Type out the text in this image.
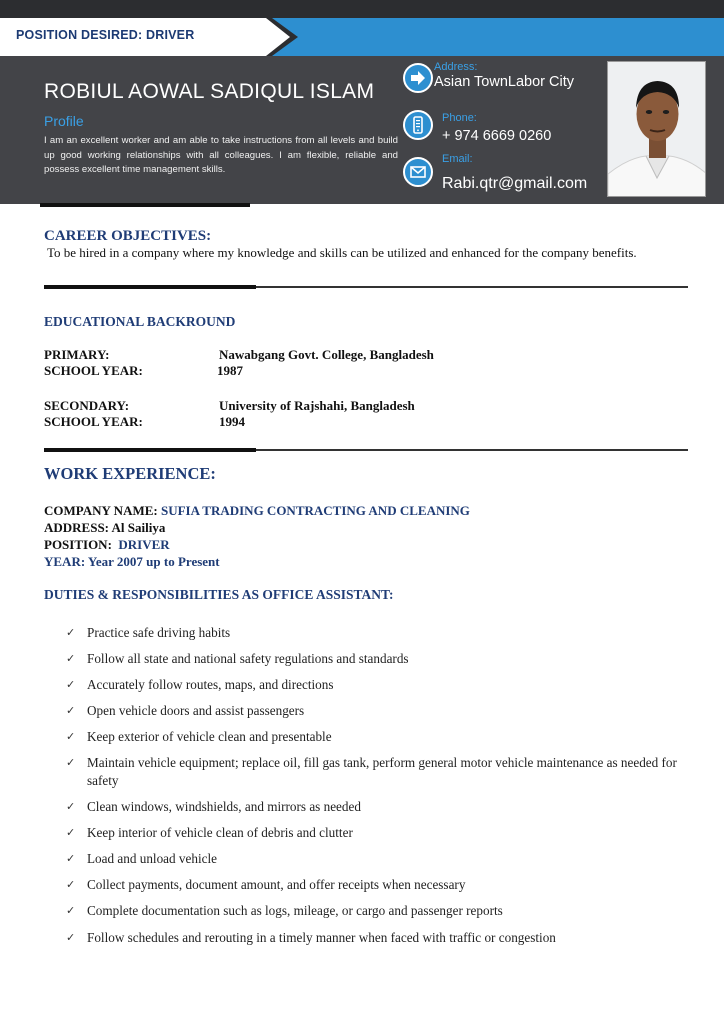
POSITION DESIRED: DRIVER
ROBIUL AOWAL SADIQUL ISLAM
Profile
I am an excellent worker and am able to take instructions from all levels and build up good working relationships with all colleagues. I am flexible, reliable and possess excellent time management skills.
Address:
Asian TownLabor City
Phone:
+ 974 6669 0260
Email:
Rabi.qtr@gmail.com
CAREER OBJECTIVES:
To be hired in a company where my knowledge and skills can be utilized and enhanced for the company benefits.
EDUCATIONAL BACKROUND
PRIMARY:	Nawabgang Govt. College, Bangladesh
SCHOOL YEAR:	1987
SECONDARY:	University of Rajshahi, Bangladesh
SCHOOL YEAR:	1994
WORK EXPERIENCE:
COMPANY NAME: SUFIA TRADING CONTRACTING AND CLEANING
ADDRESS: Al Sailiya
POSITION: DRIVER
YEAR: Year 2007 up to Present
DUTIES & RESPONSIBILITIES AS OFFICE ASSISTANT:
✓ Practice safe driving habits
✓ Follow all state and national safety regulations and standards
✓ Accurately follow routes, maps, and directions
✓ Open vehicle doors and assist passengers
✓ Keep exterior of vehicle clean and presentable
✓ Maintain vehicle equipment; replace oil, fill gas tank, perform general motor vehicle maintenance as needed for safety
✓ Clean windows, windshields, and mirrors as needed
✓ Keep interior of vehicle clean of debris and clutter
✓ Load and unload vehicle
✓ Collect payments, document amount, and offer receipts when necessary
✓ Complete documentation such as logs, mileage, or cargo and passenger reports
✓ Follow schedules and rerouting in a timely manner when faced with traffic or congestion
